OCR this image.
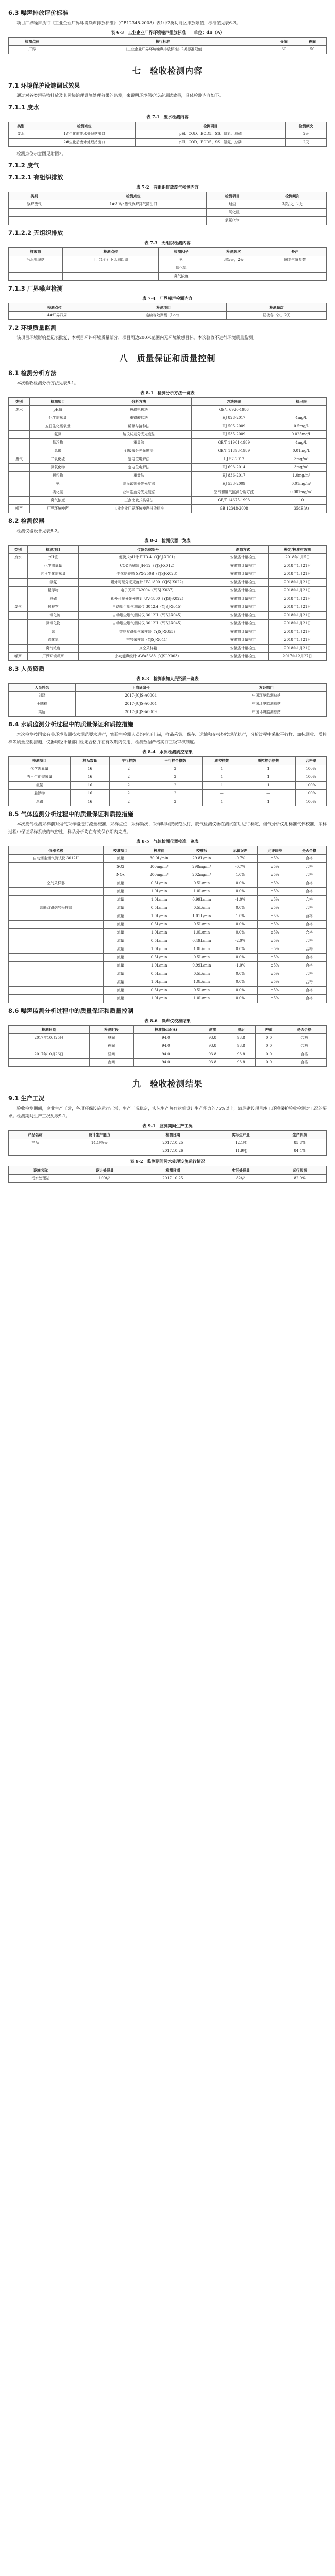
6.3 噪声排放评价标准

项目厂界噪声执行《工业企业厂界环境噪声排放标准》（GB12348-2008）表1中2类功能区排放限值，标准值见表6-3。

表 6-3　工业企业厂界环境噪声排放标准　　单位：dB（A）
检测点位	执行标准	昼间	夜间
厂界	《工业企业厂界环境噪声排放标准》2类标准限值	60	50
七　验收检测内容
7.1 环境保护设施调试效果

通过对各类污染物排放及其污染治理设施处理效果的监测，来说明环境保护设施调试效果，具体检测内容如下。

7.1.1 废水
表 7-1　废水检测内容
类别	检测点位	检测项目	检测频次
废水	1#生化前废水处理站出口	pH、COD、BOD5、SS、氨氮、总磷	2天
	2#生化后废水处理站出口	pH、COD、BOD5、SS、氨氮、总磷	2天

检测点位示意图见附图2。

7.1.2 废气
7.1.2.1 有组织排放
表 7-2　有组织排放废气检测内容
类别	检测点位	检测项目	检测频次
锅炉废气	1#20t/h燃气锅炉排气筒出口	烟尘	3次/天，2天
		二氧化硫	
		氮氧化物	
7.1.2.2 无组织排放
表 7-3　无组织检测内容
排放源	检测点位	检测因子	检测频次	备注
污水处理站	上（1个）下风向四周	氨	3次/天，2天	同步气象参数
		硫化氢		
		臭气浓度		
7.1.3 厂界噪声检测
表 7-4　厂界噪声检测内容
检测点位	检测项目	检测频次
1~4#厂界四周	连续等效声级（Leq）	昼夜各一次，2天
7.2 环境质量监测

该项目环境影响登记表批复、本项目环评环境质量部分，项目周边200米范围内无环境敏感目标，本次验收不进行环境质量监测。

八　质量保证和质量控制
8.1 检测分析方法

本次验收检测分析方法见表8-1。

表 8-1　检测分析方法一览表
类别	检测项目	分析方法	方法来源	检出限
废水	pH值	玻璃电极法	GB/T 6920-1986	—
	化学需氧量	重铬酸盐法	HJ 828-2017	4mg/L
	五日生化需氧量	稀释与接种法	HJ 505-2009	0.5mg/L
	氨氮	纳氏试剂分光光度法	HJ 535-2009	0.025mg/L
	悬浮物	重量法	GB/T 11901-1989	4mg/L
	总磷	钼酸铵分光光度法	GB/T 11893-1989	0.01mg/L
废气	二氧化硫	定电位电解法	HJ 57-2017	3mg/m³
	氮氧化物	定电位电解法	HJ 693-2014	3mg/m³
	颗粒物	重量法	HJ 836-2017	1.0mg/m³
	氨	纳氏试剂分光光度法	HJ 533-2009	0.01mg/m³
	硫化氢	亚甲基蓝分光光度法	空气和废气监测分析方法	0.001mg/m³
	臭气浓度	三点比较式臭袋法	GB/T 14675-1993	10
噪声	厂界环境噪声	工业企业厂界环境噪声排放标准	GB 12348-2008	35dB(A)
8.2 检测仪器

检测仪器设备见表8-2。

表 8-2　检测仪器一览表
类别	检测项目	仪器名称型号	溯源方式	检定/校准有效期
废水	pH值	便携式pH计 PHB-4（YJSJ-X001）	安徽省计量检定	2018年1月5日
	化学需氧量	COD消解器 JH-12（YJSJ-X012）	安徽省计量检定	2018年1月21日
	五日生化需氧量	生化培养箱 SPX-250B（YJSJ-X023）	安徽省计量检定	2018年1月21日
	氨氮	紫外可见分光光度计 UV-1800（YJSJ-X022）	安徽省计量检定	2018年1月21日
	悬浮物	电子天平 FA2004（YJSJ-X037）	安徽省计量检定	2018年1月21日
	总磷	紫外可见分光光度计 UV-1800（YJSJ-X022）	安徽省计量检定	2018年1月21日
废气	颗粒物	自动烟尘烟气测试仪 3012H（YJSJ-X045）	安徽省计量检定	2018年1月21日
	二氧化硫	自动烟尘烟气测试仪 3012H（YJSJ-X045）	安徽省计量检定	2018年1月21日
	氮氧化物	自动烟尘烟气测试仪 3012H（YJSJ-X045）	安徽省计量检定	2018年1月21日
	氨	智能双路烟气采样器（YJSJ-X055）	安徽省计量检定	2018年1月21日
	硫化氢	空气采样器（YJSJ-X041）	安徽省计量检定	2018年1月21日
	臭气浓度	真空采样箱	安徽省计量检定	2018年1月21日
噪声	厂界环境噪声	多功能声级计 AWA5688（YJSJ-X003）	安徽省计量检定	2017年12月27日
8.3 人员资质
表 8-3　检测参加人员资质一览表
人员姓名	上岗证编号	发证部门
刘泽	2017-JCJS-A0004	中国环境监测总站
王鹏程	2017-JCJS-A0004	中国环境监测总站
梁远	2017-JCJS-A0009	中国环境监测总站
8.4 水质监测分析过程中的质量保证和质控措施

本次检测按国家有关环境监测技术规范要求进行，实验室检测人员均持证上岗，样品采集、保存、运输和交接均按规范执行，分析过程中采取平行样、加标回收、质控样等质量控制措施，仪器均经计量部门检定合格并在有效期内使用，检测数据严格实行三级审核制度。

表 8-4　水质检测质控结果
检测项目	样品数量	平行样数	平行样合格数	质控样数	质控样合格数	合格率
化学需氧量	16	2	2	1	1	100%
五日生化需氧量	16	2	2	1	1	100%
氨氮	16	2	2	1	1	100%
悬浮物	16	2	2	—	—	100%
总磷	16	2	2	1	1	100%
8.5 气体监测分析过程中的质量保证和质控措施

本次废气检测采样前对烟气采样器进行流量校准，采样点位、采样频次、采样时间按规范执行，废气检测仪器在测试前后进行标定，烟气分析仪用标准气体校准，采样过程中保证采样系统的气密性，样品分析均在有效保存期内完成。

表 8-5　气体检测仪器校准一览表
仪器名称	校准项目	校准前	校准后	示值误差	允许误差	是否合格
自动烟尘烟气测试仪 3012H	流量	30.0L/min	29.8L/min	-0.7%	±5%	合格
	SO2	300mg/m³	298mg/m³	-0.7%	±5%	合格
	NOx	200mg/m³	202mg/m³	1.0%	±5%	合格
空气采样器	流量	0.5L/min	0.5L/min	0.0%	±5%	合格
	流量	1.0L/min	1.0L/min	0.0%	±5%	合格
	流量	1.0L/min	0.99L/min	-1.0%	±5%	合格
智能双路烟气采样器	流量	0.5L/min	0.5L/min	0.0%	±5%	合格
	流量	1.0L/min	1.01L/min	1.0%	±5%	合格
	流量	0.5L/min	0.5L/min	0.0%	±5%	合格
	流量	1.0L/min	1.0L/min	0.0%	±5%	合格
	流量	0.5L/min	0.49L/min	-2.0%	±5%	合格
	流量	1.0L/min	1.0L/min	0.0%	±5%	合格
	流量	0.5L/min	0.5L/min	0.0%	±5%	合格
	流量	1.0L/min	0.99L/min	-1.0%	±5%	合格
	流量	0.5L/min	0.5L/min	0.0%	±5%	合格
	流量	1.0L/min	1.0L/min	0.0%	±5%	合格
	流量	0.5L/min	0.5L/min	0.0%	±5%	合格
	流量	1.0L/min	1.0L/min	0.0%	±5%	合格
8.6 噪声监测分析过程中的质量保证和质量控制
表 8-6　噪声仪校准结果
检测日期	检测时段	校准值dB(A)	测前	测后	差值	是否合格
2017年10月25日	昼间	94.0	93.8	93.8	0.0	合格
	夜间	94.0	93.8	93.8	0.0	合格
2017年10月26日	昼间	94.0	93.8	93.8	0.0	合格
	夜间	94.0	93.8	93.8	0.0	合格
九　验收检测结果
9.1 生产工况

验收检测期间，企业生产正常，各项环保设施运行正常，生产工况稳定，实际生产负荷达到设计生产能力的75%以上，满足建设项目竣工环境保护验收检测对工况的要求。检测期间生产工况见表9-1。

表 9-1　监测期间生产工况
产品名称	设计生产能力	检测日期	实际生产量	生产负荷
产品	14.1吨/天	2017.10.25	12.1吨	85.8%
		2017.10.26	11.9吨	84.4%
表 9-2　监测期间污水处理设施运行情况
设施名称	设计处理量	检测日期	实际处理量	运行负荷
污水处理站	100t/d	2017.10.25	82t/d	82.0%
